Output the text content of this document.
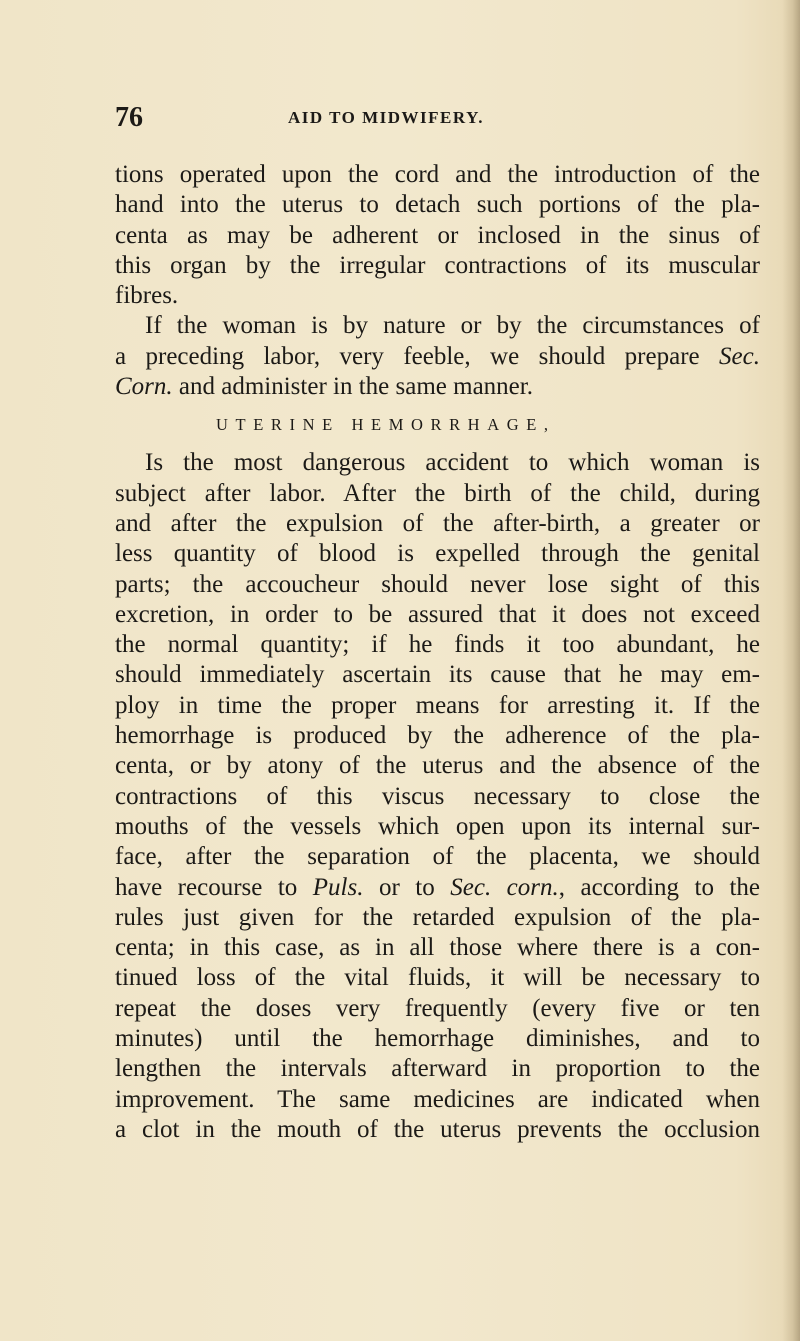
76	AID TO MIDWIFERY.
tions operated upon the cord and the introduction of the
hand into the uterus to detach such portions of the pla-
centa as may be adherent or inclosed in the sinus of
this organ by the irregular contractions of its muscular
fibres.
If the woman is by nature or by the circumstances of
a preceding labor, very feeble, we should prepare Sec.
Corn. and administer in the same manner.
UTERINE HEMORRHAGE,
Is the most dangerous accident to which woman is
subject after labor. After the birth of the child, during
and after the expulsion of the after-birth, a greater or
less quantity of blood is expelled through the genital
parts; the accoucheur should never lose sight of this
excretion, in order to be assured that it does not exceed
the normal quantity; if he finds it too abundant, he
should immediately ascertain its cause that he may em-
ploy in time the proper means for arresting it. If the
hemorrhage is produced by the adherence of the pla-
centa, or by atony of the uterus and the absence of the
contractions of this viscus necessary to close the
mouths of the vessels which open upon its internal sur-
face, after the separation of the placenta, we should
have recourse to Puls. or to Sec. corn., according to the
rules just given for the retarded expulsion of the pla-
centa; in this case, as in all those where there is a con-
tinued loss of the vital fluids, it will be necessary to
repeat the doses very frequently (every five or ten
minutes) until the hemorrhage diminishes, and to
lengthen the intervals afterward in proportion to the
improvement. The same medicines are indicated when
a clot in the mouth of the uterus prevents the occlusion
